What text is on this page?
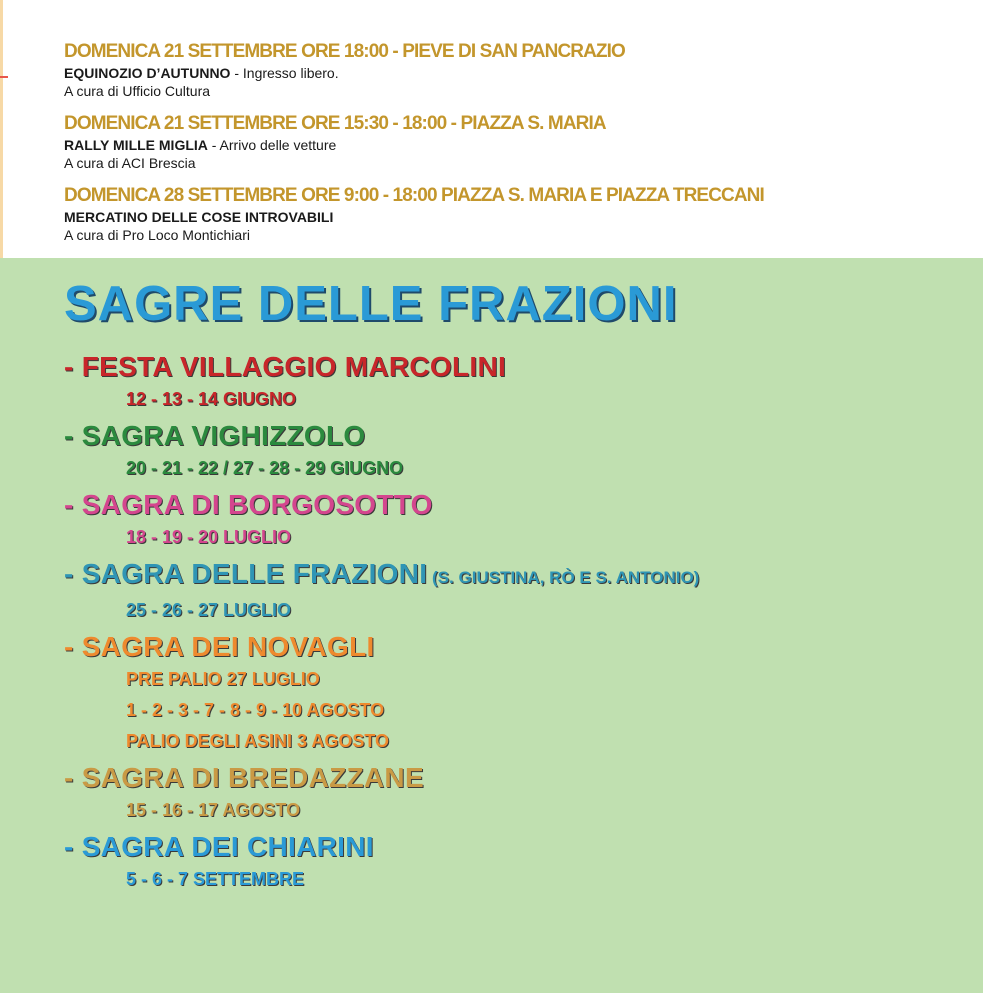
DOMENICA 21 SETTEMBRE ORE 18:00 - PIEVE DI SAN PANCRAZIO
EQUINOZIO D’AUTUNNO - Ingresso libero.
A cura di Ufficio Cultura
DOMENICA 21 SETTEMBRE ORE 15:30 - 18:00 - PIAZZA S. MARIA
RALLY MILLE MIGLIA - Arrivo delle vetture
A cura di ACI Brescia
DOMENICA 28 SETTEMBRE ORE 9:00 - 18:00 PIAZZA S. MARIA E PIAZZA TRECCANI
MERCATINO DELLE COSE INTROVABILI
A cura di Pro Loco Montichiari
SAGRE DELLE FRAZIONI
- FESTA VILLAGGIO MARCOLINI
12 - 13 - 14 GIUGNO
- SAGRA VIGHIZZOLO
20 - 21 - 22 / 27 - 28 - 29 GIUGNO
- SAGRA DI BORGOSOTTO
18 - 19 - 20 LUGLIO
- SAGRA DELLE FRAZIONI (S. GIUSTINA, RÒ E S. ANTONIO)
25 - 26 - 27 LUGLIO
- SAGRA DEI NOVAGLI
PRE PALIO 27 LUGLIO
1 - 2 - 3 - 7 - 8 - 9 - 10 AGOSTO
PALIO DEGLI ASINI 3 AGOSTO
- SAGRA DI BREDAZZANE
15 - 16 - 17 AGOSTO
- SAGRA DEI CHIARINI
5 - 6 - 7 SETTEMBRE
